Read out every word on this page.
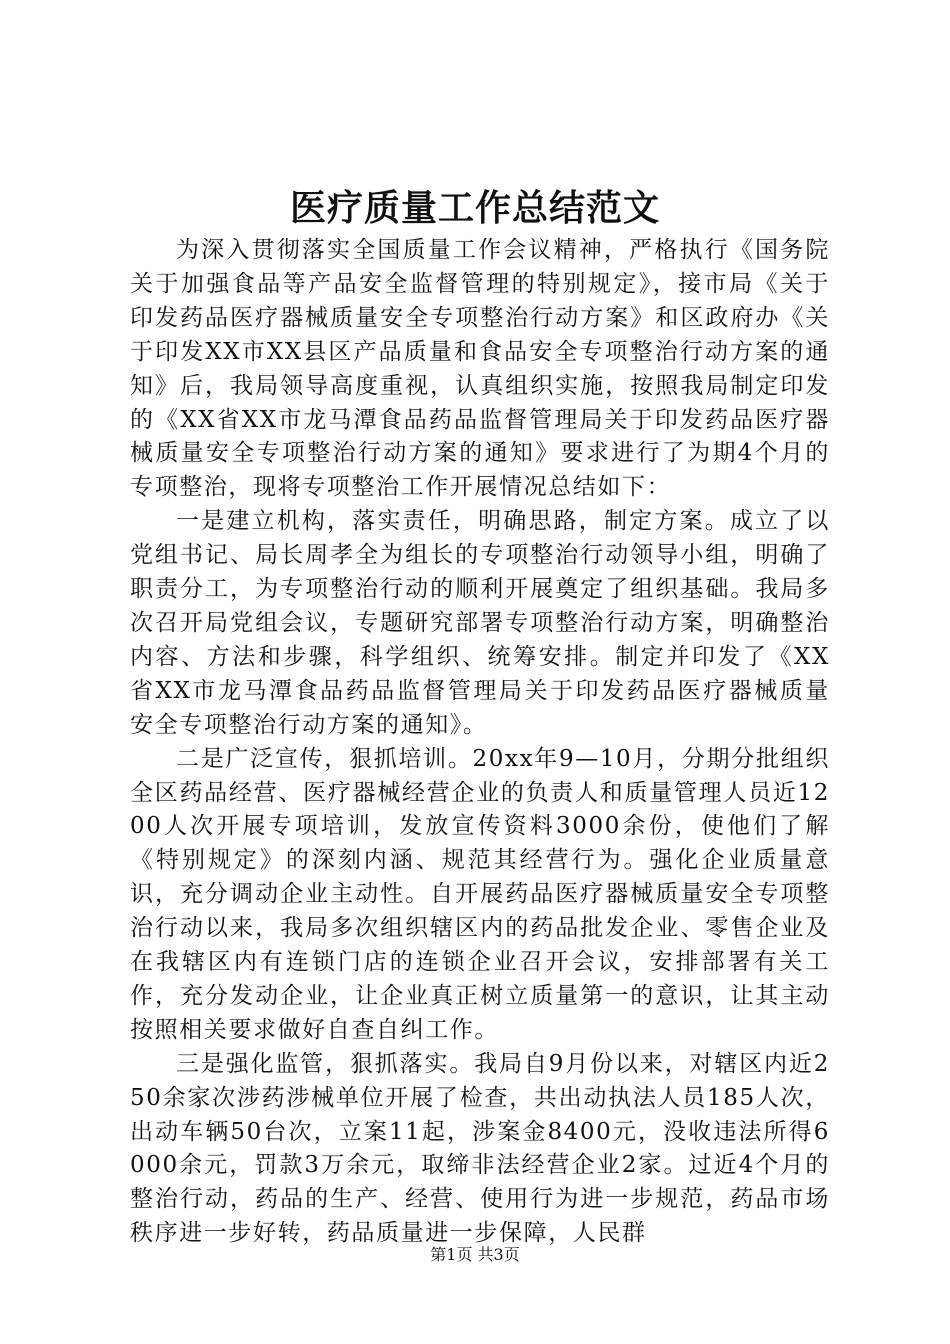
医疗质量工作总结范文

为深入贯彻落实全国质量工作会议精神，严格执行《国务院关于加强食品等产品安全监督管理的特别规定》，接市局《关于印发药品医疗器械质量安全专项整治行动方案》和区政府办《关于印发XX市XX县区产品质量和食品安全专项整治行动方案的通知》后，我局领导高度重视，认真组织实施，按照我局制定印发的《XX省XX市龙马潭食品药品监督管理局关于印发药品医疗器械质量安全专项整治行动方案的通知》要求进行了为期4个月的专项整治，现将专项整治工作开展情况总结如下：

一是建立机构，落实责任，明确思路，制定方案。成立了以党组书记、局长周孝全为组长的专项整治行动领导小组，明确了职责分工，为专项整治行动的顺利开展奠定了组织基础。我局多次召开局党组会议，专题研究部署专项整治行动方案，明确整治内容、方法和步骤，科学组织、统筹安排。制定并印发了《XX省XX市龙马潭食品药品监督管理局关于印发药品医疗器械质量安全专项整治行动方案的通知》。

二是广泛宣传，狠抓培训。20xx年9—10月，分期分批组织全区药品经营、医疗器械经营企业的负责人和质量管理人员近1200人次开展专项培训，发放宣传资料3000余份，使他们了解《特别规定》的深刻内涵、规范其经营行为。强化企业质量意识，充分调动企业主动性。自开展药品医疗器械质量安全专项整治行动以来，我局多次组织辖区内的药品批发企业、零售企业及在我辖区内有连锁门店的连锁企业召开会议，安排部署有关工作，充分发动企业，让企业真正树立质量第一的意识，让其主动按照相关要求做好自查自纠工作。

三是强化监管，狠抓落实。我局自9月份以来，对辖区内近250余家次涉药涉械单位开展了检查，共出动执法人员185人次，出动车辆50台次，立案11起，涉案金8400元，没收违法所得6000余元，罚款3万余元，取缔非法经营企业2家。过近4个月的整治行动，药品的生产、经营、使用行为进一步规范，药品市场秩序进一步好转，药品质量进一步保障，人民群

第1页 共3页
